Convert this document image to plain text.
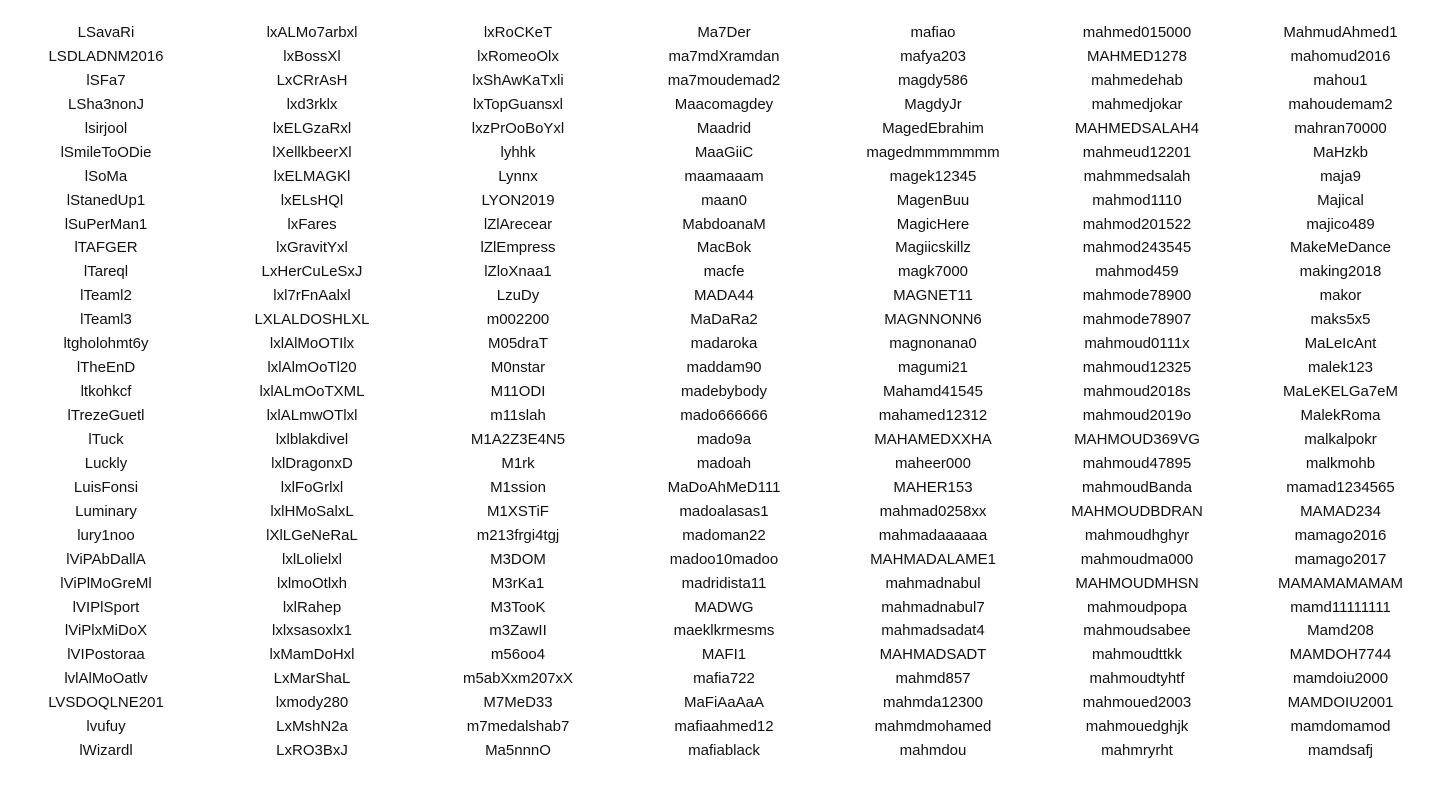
LSavaRi	lxALMo7arbxl	lxRoCKeT	Ma7Der	mafiao	mahmed015000	MahmudAhmed1
LSDLADNM2016	lxBossXl	lxRomeoOlx	ma7mdXramdan	mafya203	MAHMED1278	mahomud2016
lSFa7	LxCRrAsH	lxShAwKaTxli	ma7moudemad2	magdy586	mahmedehab	mahou1
LSha3nonJ	lxd3rklx	lxTopGuansxl	Maacomagdey	MagdyJr	mahmedjokar	mahoudemam2
lsirjool	lxELGzaRxl	lxzPrOoBoYxl	Maadrid	MagedEbrahim	MAHMEDSALAH4	mahran70000
lSmileToODie	lXellkbeerXl	lyhhk	MaaGiiC	magedmmmmmmm	mahmeud12201	MaHzkb
lSoMa	lxELMAGKl	Lynnx	maamaaam	magek12345	mahmmedsalah	maja9
lStanedUp1	lxELsHQl	LYON2019	maan0	MagenBuu	mahmod1110	Majical
lSuPerMan1	lxFares	lZlArecear	MabdoanaM	MagicHere	mahmod201522	majico489
lTAFGER	lxGravitYxl	lZlEmpress	MacBok	Magiicskillz	mahmod243545	MakeMeDance
lTareql	LxHerCuLeSxJ	lZloXnaa1	macfe	magk7000	mahmod459	making2018
lTeaml2	lxl7rFnAalxl	LzuDy	MADA44	MAGNET11	mahmode78900	makor
lTeaml3	LXLALDOSHLXL	m002200	MaDaRa2	MAGNNONN6	mahmode78907	maks5x5
ltgholohmt6y	lxlAlMoOTIlx	M05draT	madaroka	magnonana0	mahmoud0111x	MaLeIcAnt
lTheEnD	lxlAlmOoTl20	M0nstar	maddam90	magumi21	mahmoud12325	malek123
ltkohkcf	lxlALmOoTXML	M11ODI	madebybody	Mahamd41545	mahmoud2018s	MaLeKELGa7eM
lTrezeGuetl	lxlALmwOTlxl	m11slah	mado666666	mahamed12312	mahmoud2019o	MalekRoma
lTuck	lxlblakdivel	M1A2Z3E4N5	mado9a	MAHAMEDXXHA	MAHMOUD369VG	malkalpokr
Luckly	lxlDragonxD	M1rk	madoah	maheer000	mahmoud47895	malkmohb
LuisFonsi	lxlFoGrlxl	M1ssion	MaDoAhMeD111	MAHER153	mahmoudBanda	mamad1234565
Luminary	lxlHMoSalxL	M1XSTiF	madoalasas1	mahmad0258xx	MAHMOUDBDRAN	MAMAD234
lury1noo	lXlLGeNeRaL	m213frgi4tgj	madoman22	mahmadaaaaaa	mahmoudhghyr	mamago2016
lViPAbDallA	lxlLolielxl	M3DOM	madoo10madoo	MAHMADALAME1	mahmoudma000	mamago2017
lViPlMoGreMl	lxlmoOtlxh	M3rKa1	madridista11	mahmadnabul	MAHMOUDMHSN	MAMAMAMAMAM
lVIPlSport	lxlRahep	M3TooK	MADWG	mahmadnabul7	mahmoudpopa	mamd11111111
lViPlxMiDoX	lxlxsasoxlx1	m3ZawII	maeklkrmesms	mahmadsadat4	mahmoudsabee	Mamd208
lVIPostoraa	lxMamDoHxl	m56oo4	MAFI1	MAHMADSADT	mahmoudttkk	MAMDOH7744
lvlAlMoOatlv	LxMarShaL	m5abXxm207xX	mafia722	mahmd857	mahmoudtyhtf	mamdoiu2000
LVSDOQLNE201	lxmody280	M7MeD33	MaFiAaAaA	mahmda12300	mahmoued2003	MAMDOIU2001
lvufuy	LxMshN2a	m7medalshab7	mafiaahmed12	mahmdmohamed	mahmouedghjk	mamdomamod
lWizardl	LxRO3BxJ	Ma5nnnO	mafiablack	mahmdou	mahmryrht	mamdsafj
